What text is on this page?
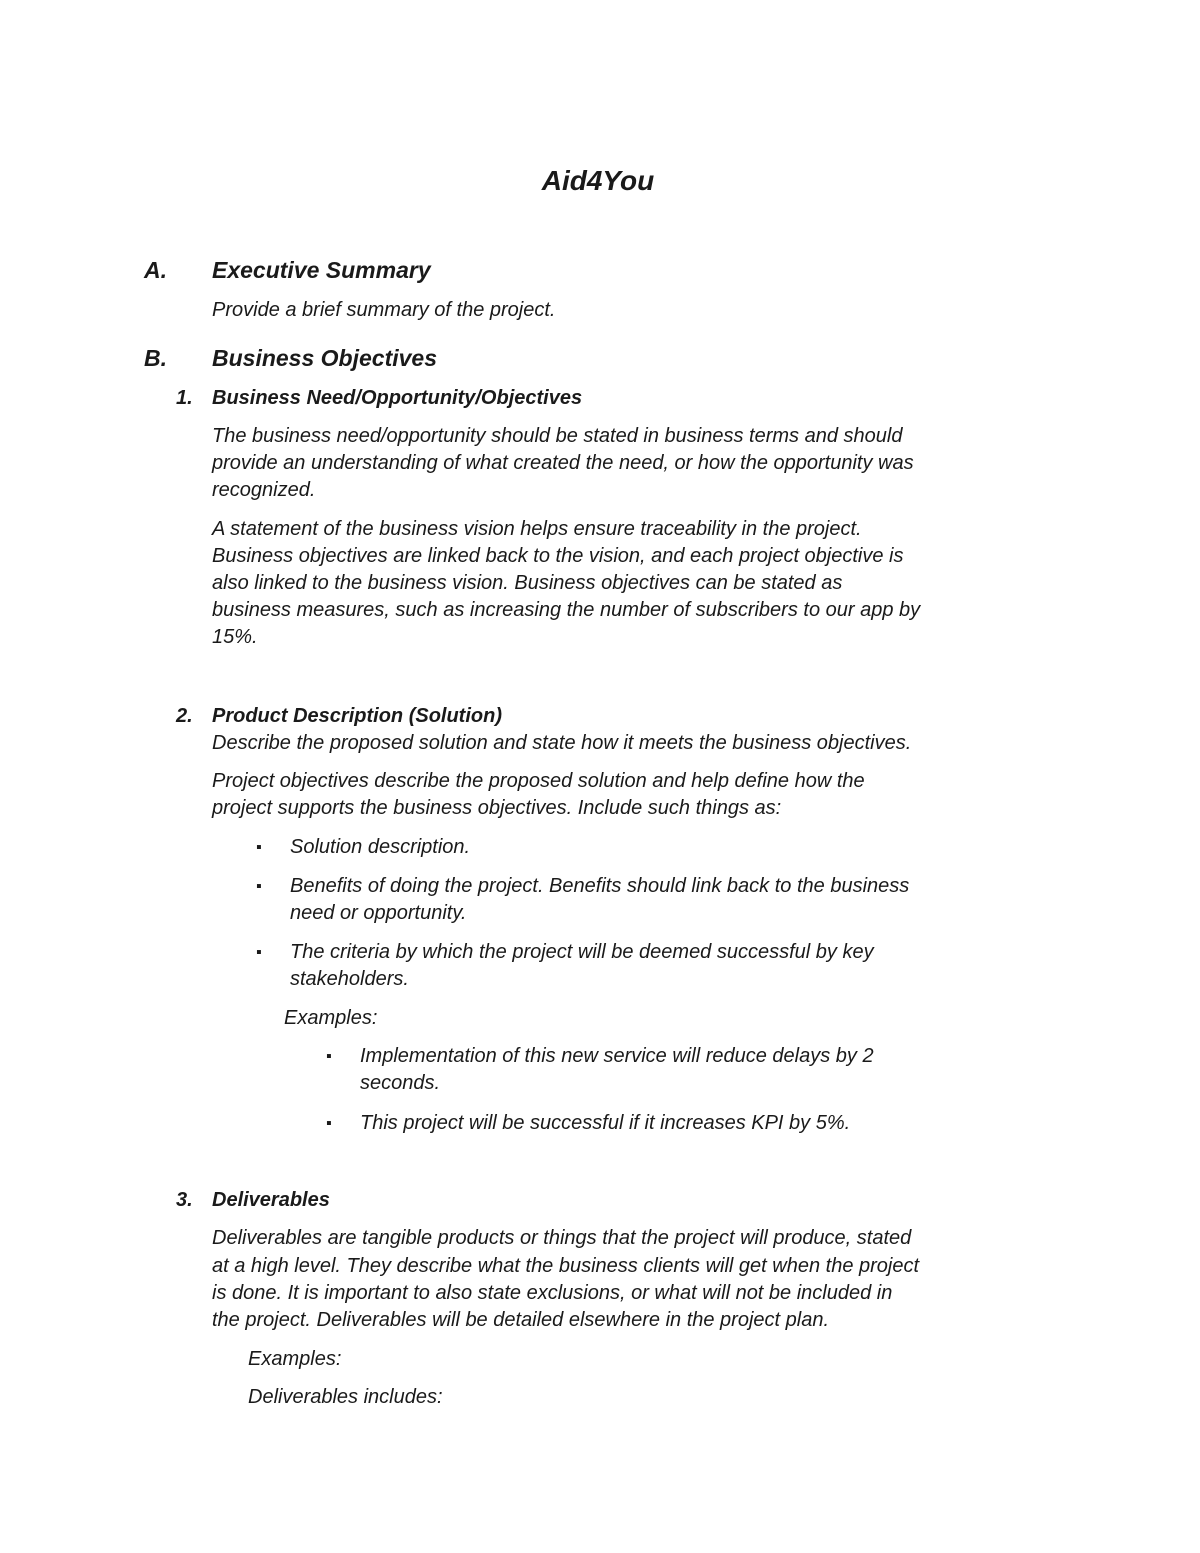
Aid4You
A. Executive Summary
Provide a brief summary of the project.
B. Business Objectives
1. Business Need/Opportunity/Objectives
The business need/opportunity should be stated in business terms and should
provide an understanding of what created the need, or how the opportunity was
recognized.
A statement of the business vision helps ensure traceability in the project.
Business objectives are linked back to the vision, and each project objective is
also linked to the business vision. Business objectives can be stated as
business measures, such as increasing the number of subscribers to our app by
15%.
2. Product Description (Solution)
Describe the proposed solution and state how it meets the business objectives.
Project objectives describe the proposed solution and help define how the
project supports the business objectives. Include such things as:
▪ Solution description.
▪ Benefits of doing the project. Benefits should link back to the business
need or opportunity.
▪ The criteria by which the project will be deemed successful by key
stakeholders.
Examples:
▪ Implementation of this new service will reduce delays by 2
seconds.
▪ This project will be successful if it increases KPI by 5%.
3. Deliverables
Deliverables are tangible products or things that the project will produce, stated
at a high level. They describe what the business clients will get when the project
is done. It is important to also state exclusions, or what will not be included in
the project. Deliverables will be detailed elsewhere in the project plan.
Examples:
Deliverables includes:
